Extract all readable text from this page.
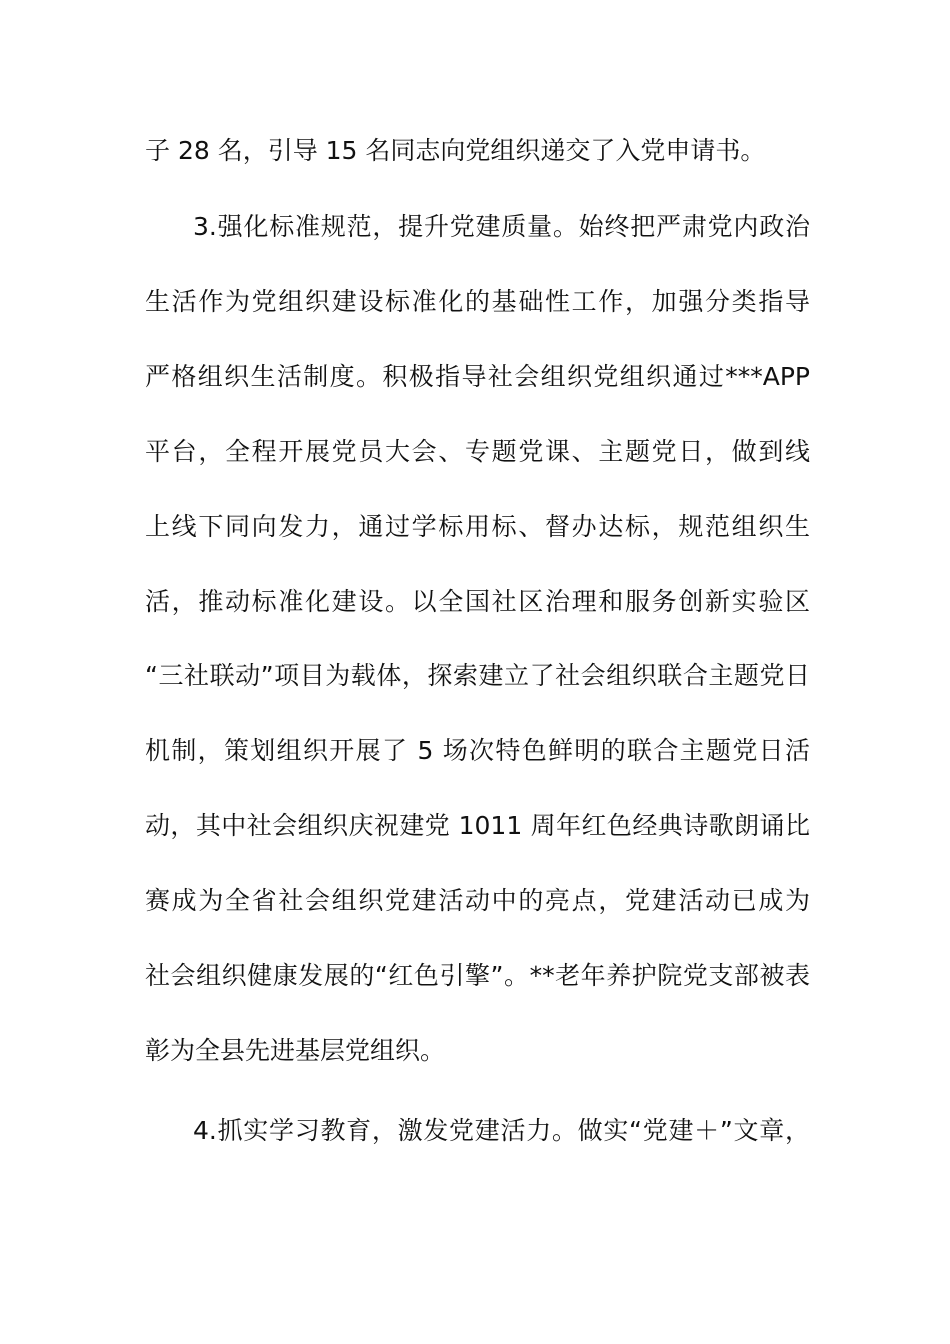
子 28 名，引导 15 名同志向党组织递交了入党申请书。
3.强化标准规范，提升党建质量。始终把严肃党内政治
生活作为党组织建设标准化的基础性工作，加强分类指导
严格组织生活制度。积极指导社会组织党组织通过***APP
平台，全程开展党员大会、专题党课、主题党日，做到线
上线下同向发力，通过学标用标、督办达标，规范组织生
活，推动标准化建设。以全国社区治理和服务创新实验区
“三社联动”项目为载体，探索建立了社会组织联合主题党日
机制，策划组织开展了 5 场次特色鲜明的联合主题党日活
动，其中社会组织庆祝建党 1011 周年红色经典诗歌朗诵比
赛成为全省社会组织党建活动中的亮点，党建活动已成为
社会组织健康发展的“红色引擎”。**老年养护院党支部被表
彰为全县先进基层党组织。
4.抓实学习教育，激发党建活力。做实“党建＋”文章，
